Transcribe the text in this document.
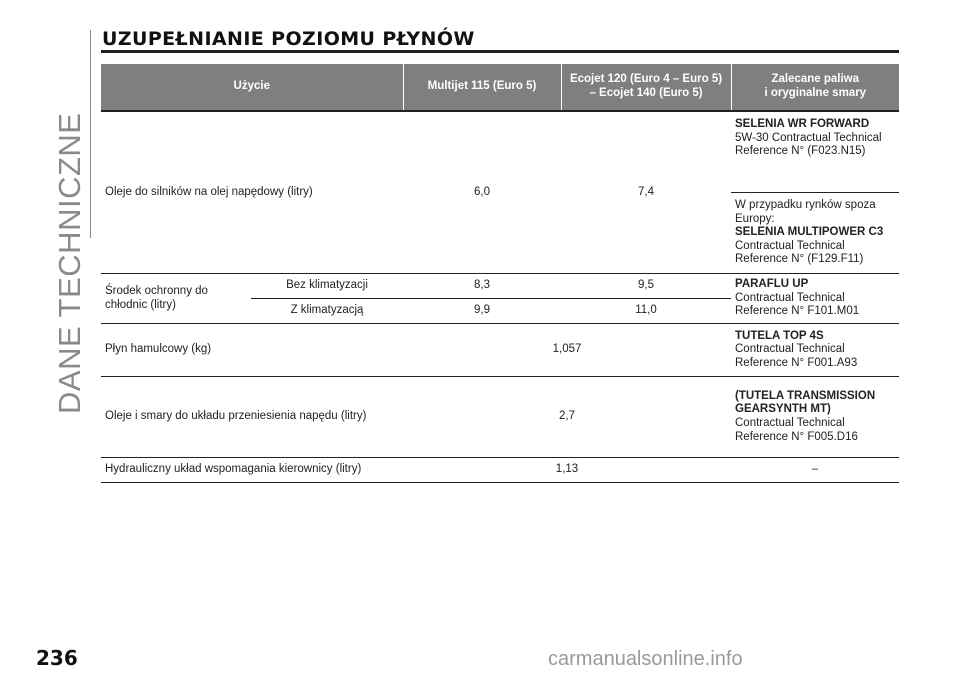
DANE TECHNICZNE
UZUPEŁNIANIE POZIOMU PŁYNÓW
Użycie		Multijet 115 (Euro 5)	Ecojet 120 (Euro 4 – Euro 5) – Ecojet 140 (Euro 5)	Zalecane paliwa
i oryginalne smary
Oleje do silników na olej napędowy (litry)		6,0	7,4	SELENIA WR FORWARD
5W-30 Contractual Technical Reference N° (F023.N15)
W przypadku rynków spoza Europy:
SELENIA MULTIPOWER C3
Contractual Technical Reference N° (F129.F11)

Środek ochronny do chłodnic (litry)	Bez klimatyzacji	8,3	9,5	PARAFLU UP
Contractual Technical Reference N° F101.M01
	Z klimatyzacją	9,9	11,0	
Płyn hamulcowy (kg)		1,057		TUTELA TOP 4S
Contractual Technical Reference N° F001.A93
Oleje i smary do układu przeniesienia napędu (litry)		2,7		(TUTELA TRANSMISSION GEARSYNTH MT)
Contractual Technical Reference N° F005.D16
Hydrauliczny układ wspomagania kierownicy (litry)		1,13		–
236	carmanualsonline.info
